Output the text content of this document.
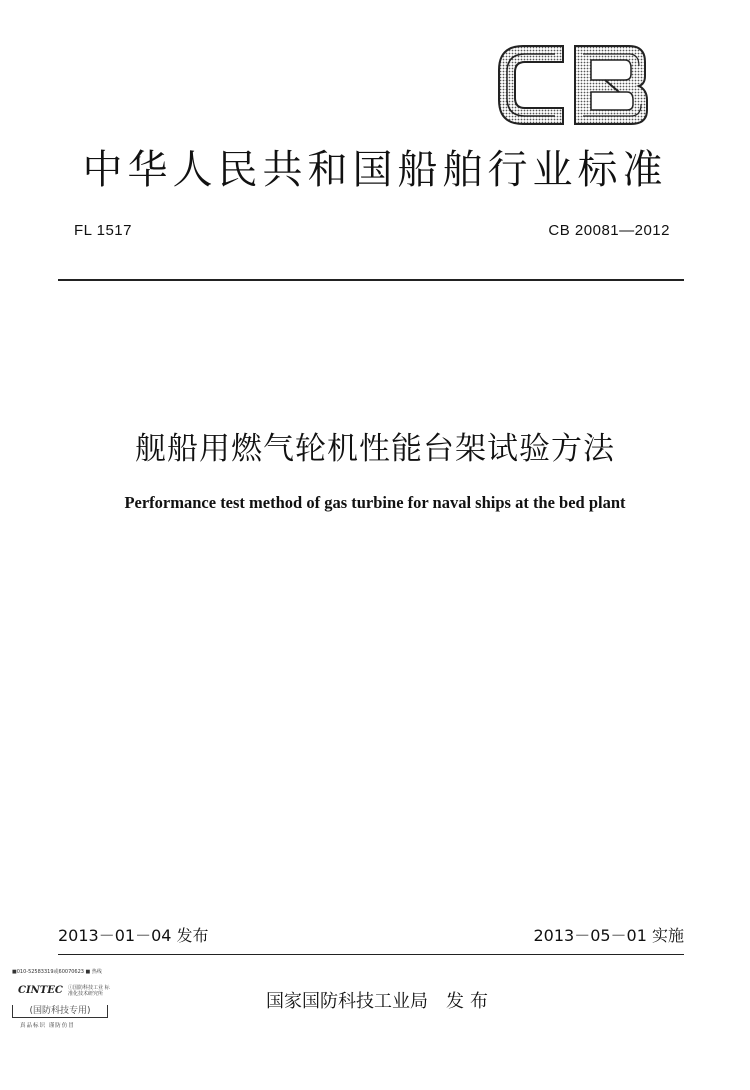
中华人民共和国船舶行业标准
FL 1517	CB 20081—2012
舰船用燃气轮机性能台架试验方法
Performance test method of gas turbine for naval ships at the bed plant
2013－01－04 发布	2013－05－01 实施
■010-52583319或60070623 ■ 热线
CINTEC ⓘ国防科技工业 标准化技术研究所
(国防科技专用)
真品标识 谨防仿冒
国家国防科技工业局 发布
